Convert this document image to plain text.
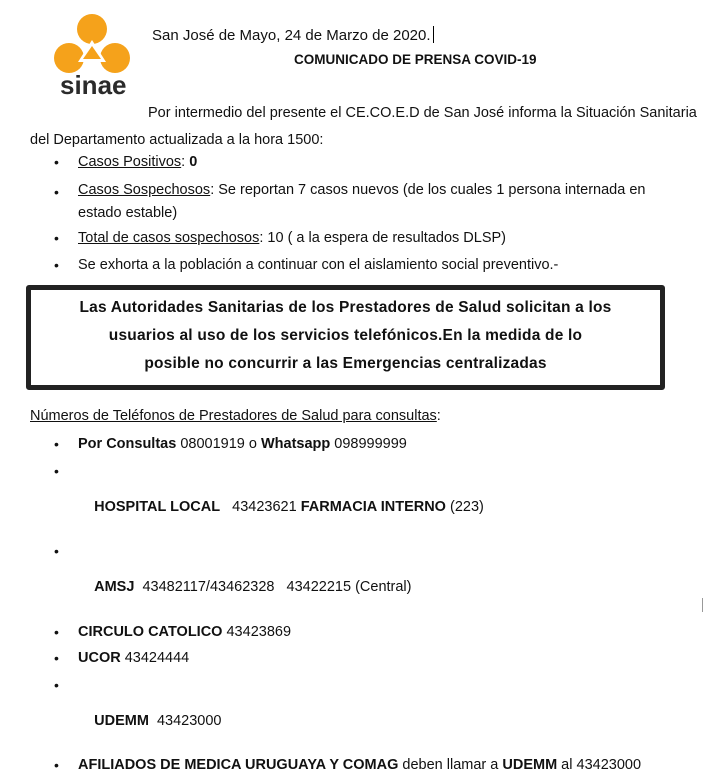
sinae
San José de Mayo, 24 de Marzo de 2020.
COMUNICADO DE PRENSA COVID-19
Por intermedio del presente el CE.CO.E.D de San José informa la Situación Sanitaria del Departamento actualizada a la hora 1500:
• Casos Positivos: 0
• Casos Sospechosos: Se reportan 7 casos nuevos (de los cuales 1 persona internada en estado estable)
• Total de casos sospechosos: 10 ( a la espera de resultados DLSP)
• Se exhorta a la población a continuar con el aislamiento social preventivo.-
Las Autoridades Sanitarias de los Prestadores de Salud solicitan a los
usuarios al uso de los servicios telefónicos.En la medida de lo
posible no concurrir a las Emergencias centralizadas
Números de Teléfonos de Prestadores de Salud para consultas:
• Por Consultas 08001919 o Whatsapp 098999999

•

HOSPITAL LOCAL   43423621 FARMACIA INTERNO (223)

•

AMSJ  43482117/43462328   43422215 (Central)

• CIRCULO CATOLICO 43423869
• UCOR 43424444

•

UDEMM  43423000

• AFILIADOS DE MEDICA URUGUAYA Y COMAG deben llamar a UDEMM al 43423000
